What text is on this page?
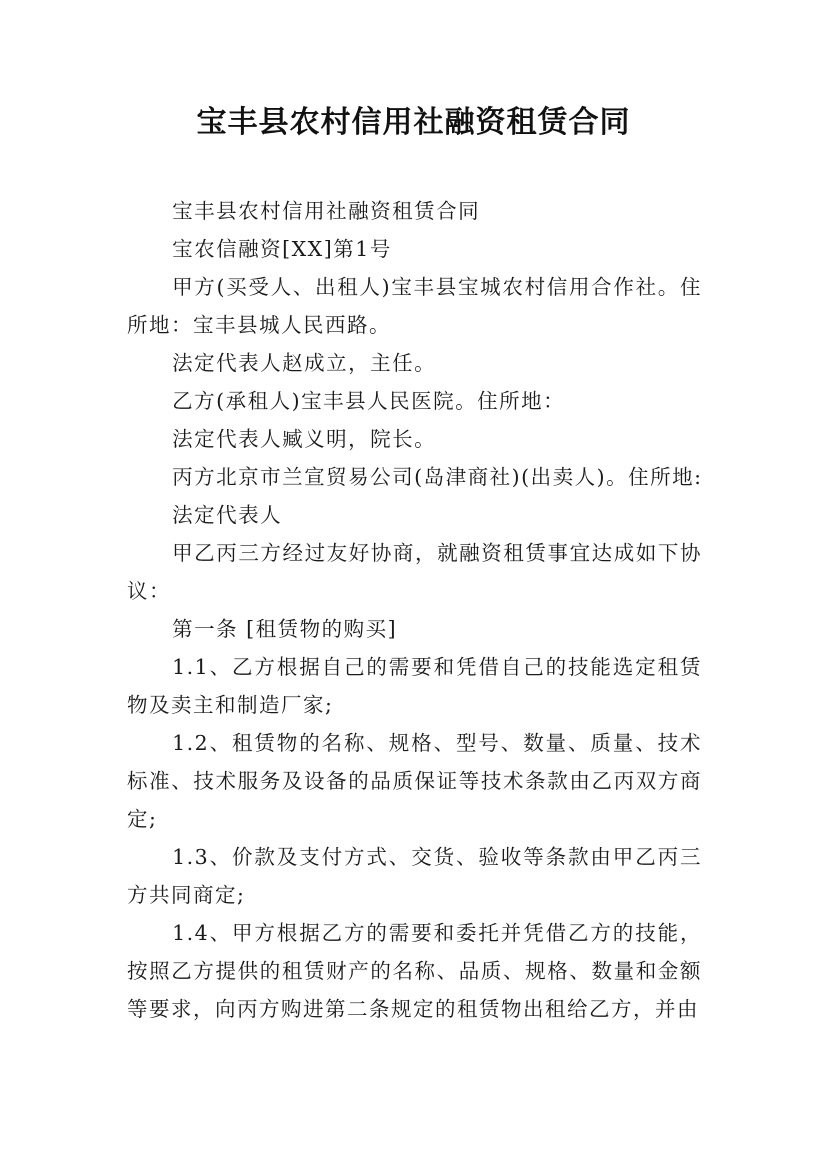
宝丰县农村信用社融资租赁合同

宝丰县农村信用社融资租赁合同

宝农信融资[XX]第1号

甲方(买受人、出租人)宝丰县宝城农村信用合作社。住所地：宝丰县城人民西路。

法定代表人赵成立，主任。

乙方(承租人)宝丰县人民医院。住所地：

法定代表人臧义明，院长。

丙方北京市兰宣贸易公司(岛津商社)(出卖人)。住所地:

法定代表人

甲乙丙三方经过友好协商，就融资租赁事宜达成如下协议：

第一条 [租赁物的购买]

1.1、乙方根据自己的需要和凭借自己的技能选定租赁物及卖主和制造厂家;

1.2、租赁物的名称、规格、型号、数量、质量、技术标准、技术服务及设备的品质保证等技术条款由乙丙双方商定;

1.3、价款及支付方式、交货、验收等条款由甲乙丙三方共同商定;

1.4、甲方根据乙方的需要和委托并凭借乙方的技能，按照乙方提供的租赁财产的名称、品质、规格、数量和金额等要求，向丙方购进第二条规定的租赁物出租给乙方，并由
